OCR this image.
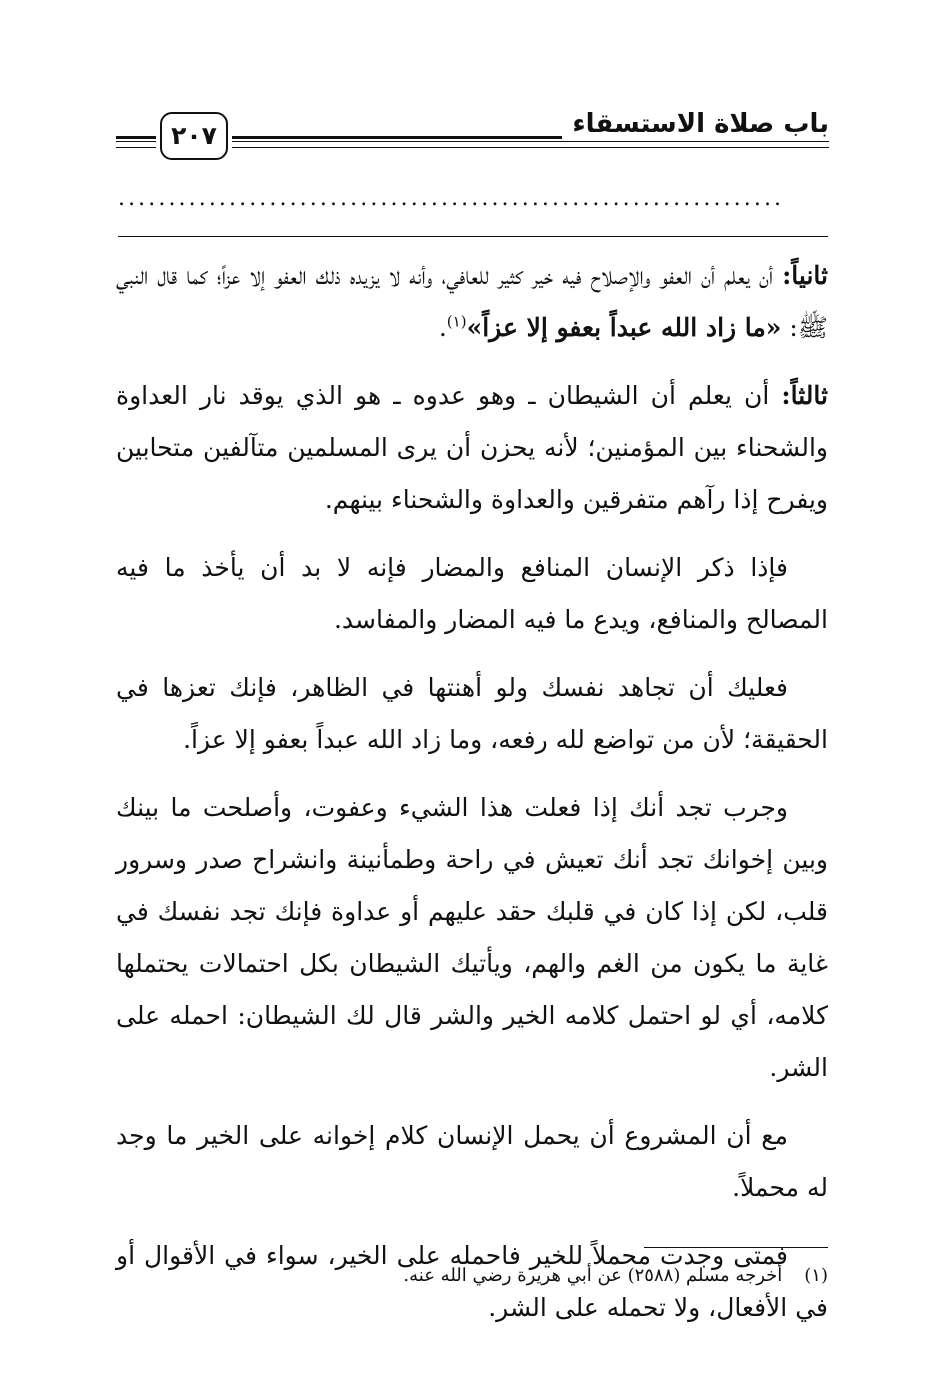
باب صلاة الاستسقاء
٢٠٧
..................................................................

ثانياً: أن يعلم أن العفو والإصلاح فيه خير كثير للعافي، وأنه لا يزيده ذلك العفو إلا عزاً؛ كما قال النبي ﷺ: «ما زاد الله عبداً بعفو إلا عزاً»$^{(١)}$.

ثالثاً: أن يعلم أن الشيطان ـ وهو عدوه ـ هو الذي يوقد نار العداوة والشحناء بين المؤمنين؛ لأنه يحزن أن يرى المسلمين متآلفين متحابين ويفرح إذا رآهم متفرقين والعداوة والشحناء بينهم.

فإذا ذكر الإنسان المنافع والمضار فإنه لا بد أن يأخذ ما فيه المصالح والمنافع، ويدع ما فيه المضار والمفاسد.

فعليك أن تجاهد نفسك ولو أهنتها في الظاهر، فإنك تعزها في الحقيقة؛ لأن من تواضع لله رفعه، وما زاد الله عبداً بعفو إلا عزاً.

وجرب تجد أنك إذا فعلت هذا الشيء وعفوت، وأصلحت ما بينك وبين إخوانك تجد أنك تعيش في راحة وطمأنينة وانشراح صدر وسرور قلب، لكن إذا كان في قلبك حقد عليهم أو عداوة فإنك تجد نفسك في غاية ما يكون من الغم والهم، ويأتيك الشيطان بكل احتمالات يحتملها كلامه، أي لو احتمل كلامه الخير والشر قال لك الشيطان: احمله على الشر.

مع أن المشروع أن يحمل الإنسان كلام إخوانه على الخير ما وجد له محملاً.

فمتى وجدت محملاً للخير فاحمله على الخير، سواء في الأقوال أو في الأفعال، ولا تحمله على الشر.

(١)أخرجه مسلم (٢٥٨٨) عن أبي هريرة رضي الله عنه.
